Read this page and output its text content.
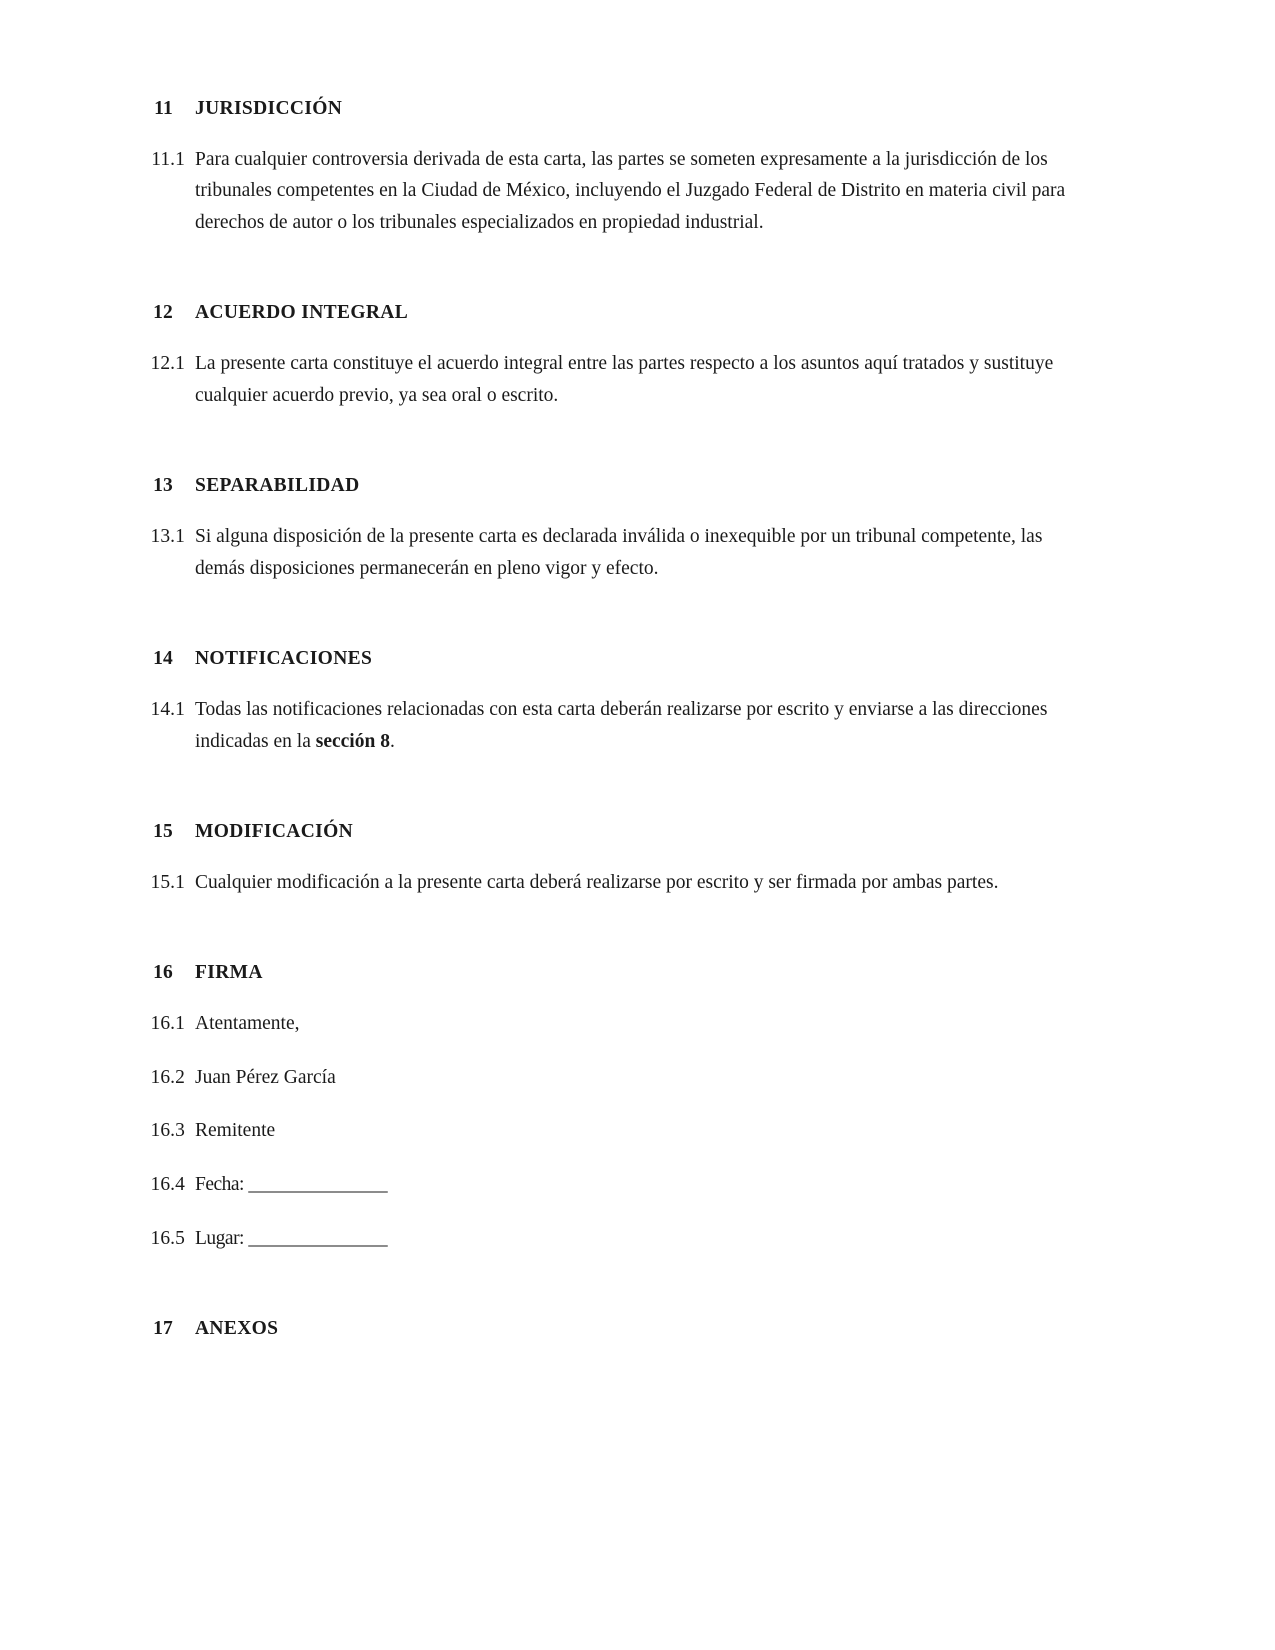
11 JURISDICCIÓN
11.1 Para cualquier controversia derivada de esta carta, las partes se someten expresamente a la jurisdicción de los tribunales competentes en la Ciudad de México, incluyendo el Juzgado Federal de Distrito en materia civil para derechos de autor o los tribunales especializados en propiedad industrial.
12 ACUERDO INTEGRAL
12.1 La presente carta constituye el acuerdo integral entre las partes respecto a los asuntos aquí tratados y sustituye cualquier acuerdo previo, ya sea oral o escrito.
13 SEPARABILIDAD
13.1 Si alguna disposición de la presente carta es declarada inválida o inexequible por un tribunal competente, las demás disposiciones permanecerán en pleno vigor y efecto.
14 NOTIFICACIONES
14.1 Todas las notificaciones relacionadas con esta carta deberán realizarse por escrito y enviarse a las direcciones indicadas en la sección 8.
15 MODIFICACIÓN
15.1 Cualquier modificación a la presente carta deberá realizarse por escrito y ser firmada por ambas partes.
16 FIRMA
16.1 Atentamente,
16.2 Juan Pérez García
16.3 Remitente
16.4 Fecha: _______________
16.5 Lugar: _______________
17 ANEXOS
